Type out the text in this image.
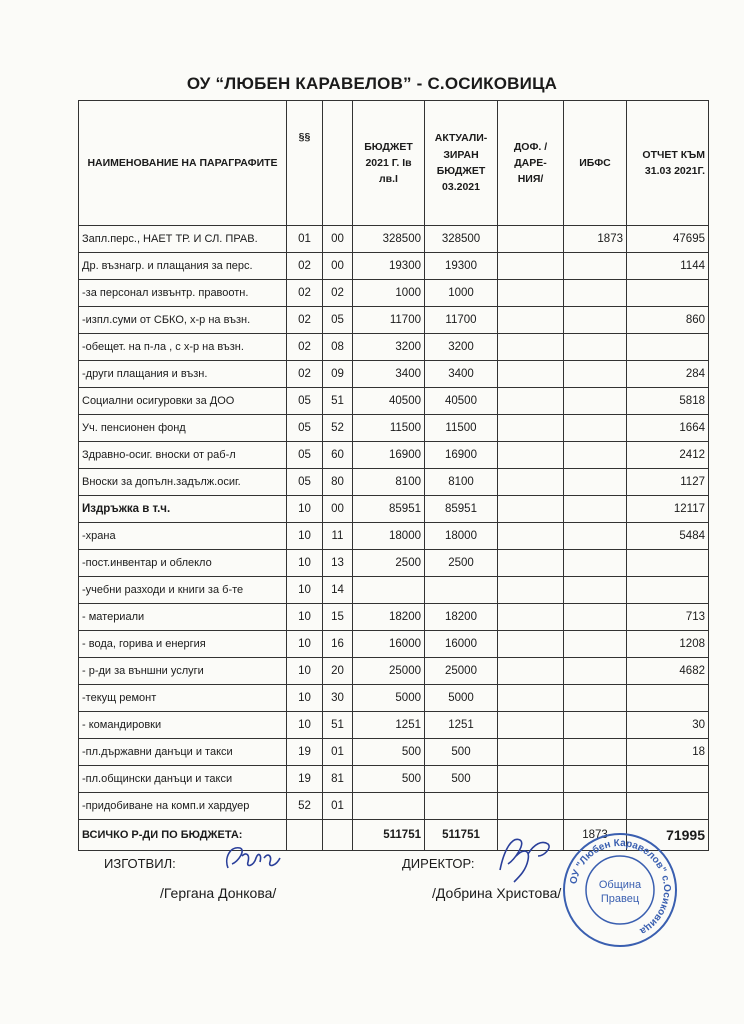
ОУ “ЛЮБЕН КАРАВЕЛОВ” - С.ОСИКОВИЦА
НАИМЕНОВАНИЕ НА ПАРАГРАФИТЕ	§§		БЮДЖЕТ 2021 Г. Ів лв.І	АКТУАЛИ- ЗИРАН БЮДЖЕТ 03.2021	ДОФ. /ДАРЕ- НИЯ/	ИБФС	ОТЧЕТ КЪМ 31.03 2021Г.
Запл.перс., НАЕТ ТР. И СЛ. ПРАВ.	01	00	328500	328500		1873	47695
Др. възнагр. и плащания за перс.	02	00	19300	19300			1144
-за персонал извънтр. правоотн.	02	02	1000	1000			
-изпл.суми от СБКО, х-р на възн.	02	05	11700	11700			860
-обещет. на п-ла , с х-р на възн.	02	08	3200	3200			
-други плащания и възн.	02	09	3400	3400			284
Социални осигуровки за ДОО	05	51	40500	40500			5818
Уч. пенсионен фонд	05	52	11500	11500			1664
Здравно-осиг. вноски от раб-л	05	60	16900	16900			2412
Вноски за допълн.задълж.осиг.	05	80	8100	8100			1127
Издръжка в т.ч.	10	00	85951	85951			12117
-храна	10	11	18000	18000			5484
-пост.инвентар и облекло	10	13	2500	2500			
-учебни разходи и книги за б-те	10	14					
- материали	10	15	18200	18200			713
- вода, горива и енергия	10	16	16000	16000			1208
- р-ди за външни услуги	10	20	25000	25000			4682
-текущ ремонт	10	30	5000	5000			
- командировки	10	51	1251	1251			30
-пл.държавни данъци и такси	19	01	500	500			18
-пл.общински данъци и такси	19	81	500	500			
-придобиване на комп.и хардуер	52	01					
ВСИЧКО Р-ДИ ПО БЮДЖЕТА:			511751	511751		1873	71995
ИЗГОТВИЛ:
/Гергана Донкова/
ДИРЕКТОР:
/Добрина Христова/
ОУ "Любен Каравелов" с.Осиковица
Община
Правец
